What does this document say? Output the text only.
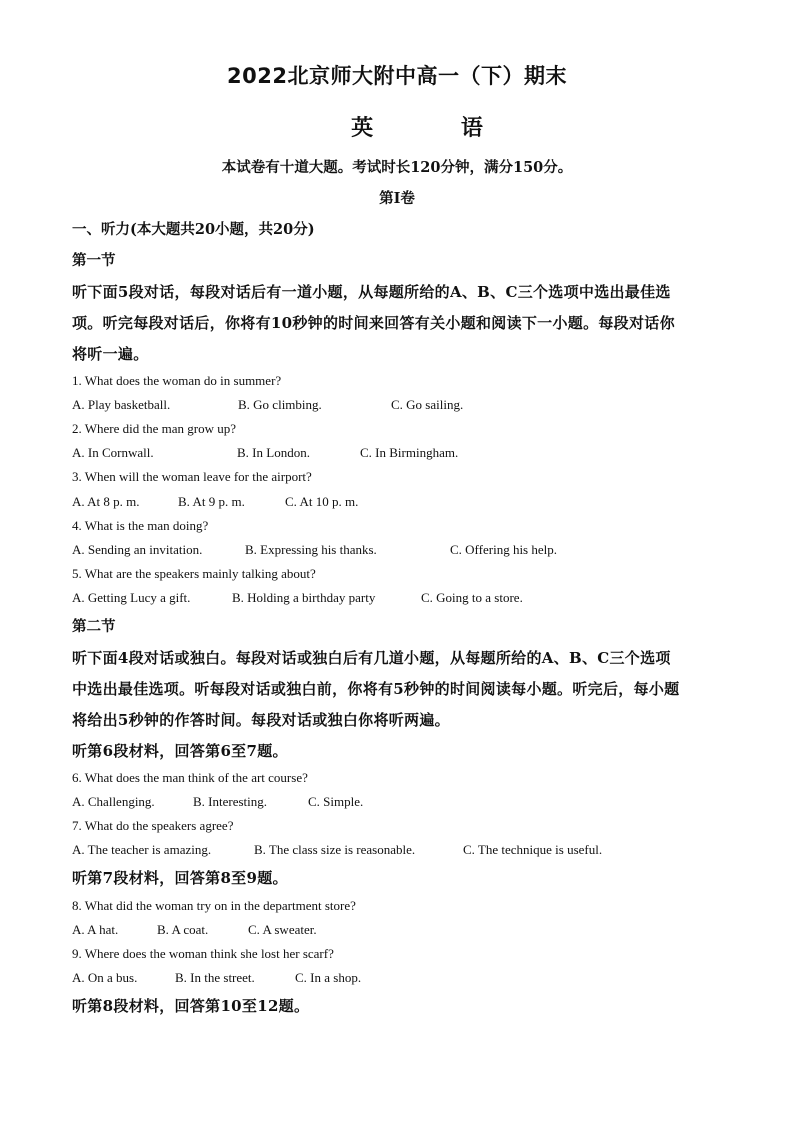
2022北京师大附中高一（下）期末
英 语
本试卷有十道大题。考试时长120分钟，满分150分。
第I卷
一、听力(本大题共20小题，共20分)
第一节
听下面5段对话，每段对话后有一道小题，从每题所给的A、B、C三个选项中选出最佳选
项。听完每段对话后，你将有10秒钟的时间来回答有关小题和阅读下一小题。每段对话你
将听一遍。
1. What does the woman do in summer?
A. Play basketball.	B. Go climbing.	C. Go sailing.
2. Where did the man grow up?
A. In Cornwall.	B. In London.	C. In Birmingham.
3. When will the woman leave for the airport?
A. At 8 p. m.	B. At 9 p. m.	C. At 10 p. m.
4. What is the man doing?
A. Sending an invitation.	B. Expressing his thanks.	C. Offering his help.
5. What are the speakers mainly talking about?
A. Getting Lucy a gift.	B. Holding a birthday party	C. Going to a store.
第二节
听下面4段对话或独白。每段对话或独白后有几道小题，从每题所给的A、B、C三个选项
中选出最佳选项。听每段对话或独白前，你将有5秒钟的时间阅读每小题。听完后，每小题
将给出5秒钟的作答时间。每段对话或独白你将听两遍。
听第6段材料，回答第6至7题。
6. What does the man think of the art course?
A. Challenging.	B. Interesting.	C. Simple.
7. What do the speakers agree?
A. The teacher is amazing.	B. The class size is reasonable.	C. The technique is useful.
听第7段材料，回答第8至9题。
8. What did the woman try on in the department store?
A. A hat.	B. A coat.	C. A sweater.
9. Where does the woman think she lost her scarf?
A. On a bus.	B. In the street.	C. In a shop.
听第8段材料，回答第10至12题。
